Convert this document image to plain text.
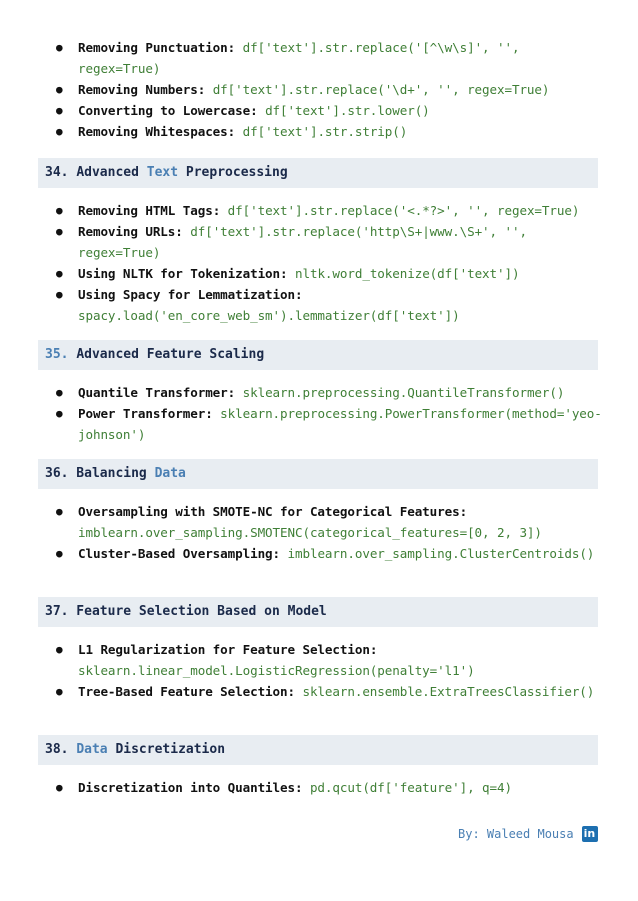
● Removing Punctuation: df['text'].str.replace('[^\w\s]', '', regex=True)
● Removing Numbers: df['text'].str.replace('\d+', '', regex=True)
● Converting to Lowercase: df['text'].str.lower()
● Removing Whitespaces: df['text'].str.strip()
34. Advanced Text Preprocessing
● Removing HTML Tags: df['text'].str.replace('<.*?>', '', regex=True)
● Removing URLs: df['text'].str.replace('http\S+|www.\S+', '', regex=True)
● Using NLTK for Tokenization: nltk.word_tokenize(df['text'])
● Using Spacy for Lemmatization: spacy.load('en_core_web_sm').lemmatizer(df['text'])
35. Advanced Feature Scaling
● Quantile Transformer: sklearn.preprocessing.QuantileTransformer()
● Power Transformer: sklearn.preprocessing.PowerTransformer(method='yeo-johnson')
36. Balancing Data
● Oversampling with SMOTE-NC for Categorical Features: imblearn.over_sampling.SMOTENC(categorical_features=[0, 2, 3])
● Cluster-Based Oversampling: imblearn.over_sampling.ClusterCentroids()
37. Feature Selection Based on Model
● L1 Regularization for Feature Selection: sklearn.linear_model.LogisticRegression(penalty='l1')
● Tree-Based Feature Selection: sklearn.ensemble.ExtraTreesClassifier()
38. Data Discretization
● Discretization into Quantiles: pd.qcut(df['feature'], q=4)
By: Waleed Mousa in
